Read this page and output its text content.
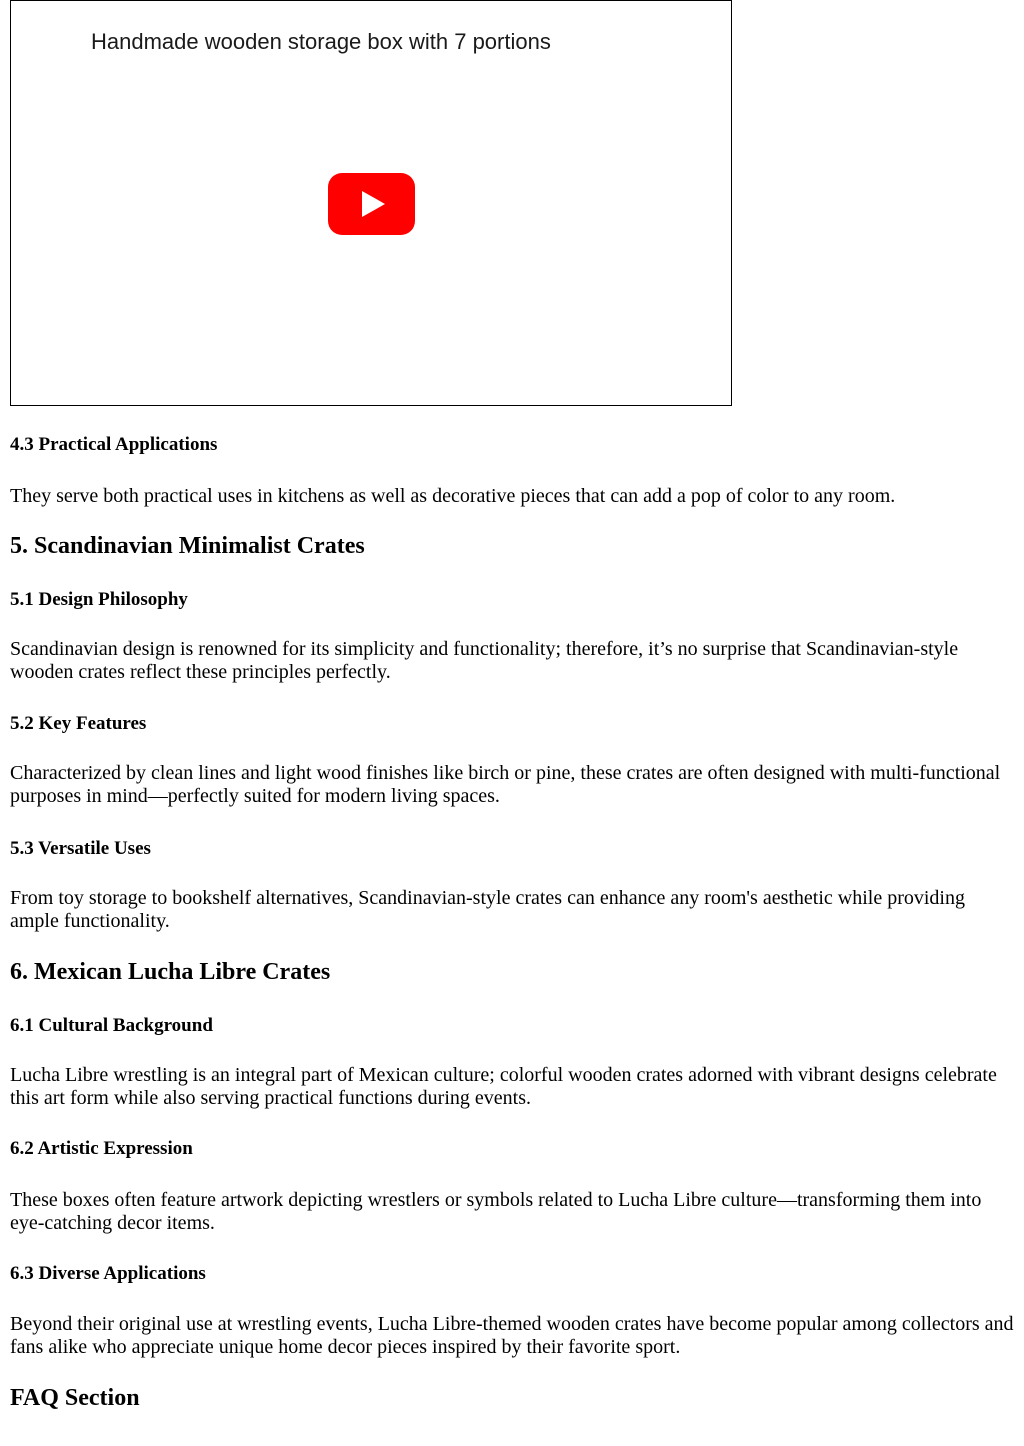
Handmade wooden storage box with 7 portions
4.3 Practical Applications

They serve both practical uses in kitchens as well as decorative pieces that can add a pop of color to any room.

5. Scandinavian Minimalist Crates
5.1 Design Philosophy

Scandinavian design is renowned for its simplicity and functionality; therefore, it’s no surprise that Scandinavian-style wooden crates reflect these principles perfectly.

5.2 Key Features

Characterized by clean lines and light wood finishes like birch or pine, these crates are often designed with multi-functional purposes in mind—perfectly suited for modern living spaces.

5.3 Versatile Uses

From toy storage to bookshelf alternatives, Scandinavian-style crates can enhance any room's aesthetic while providing ample functionality.

6. Mexican Lucha Libre Crates
6.1 Cultural Background

Lucha Libre wrestling is an integral part of Mexican culture; colorful wooden crates adorned with vibrant designs celebrate this art form while also serving practical functions during events.

6.2 Artistic Expression

These boxes often feature artwork depicting wrestlers or symbols related to Lucha Libre culture—transforming them into eye-catching decor items.

6.3 Diverse Applications

Beyond their original use at wrestling events, Lucha Libre-themed wooden crates have become popular among collectors and fans alike who appreciate unique home decor pieces inspired by their favorite sport.

FAQ Section
